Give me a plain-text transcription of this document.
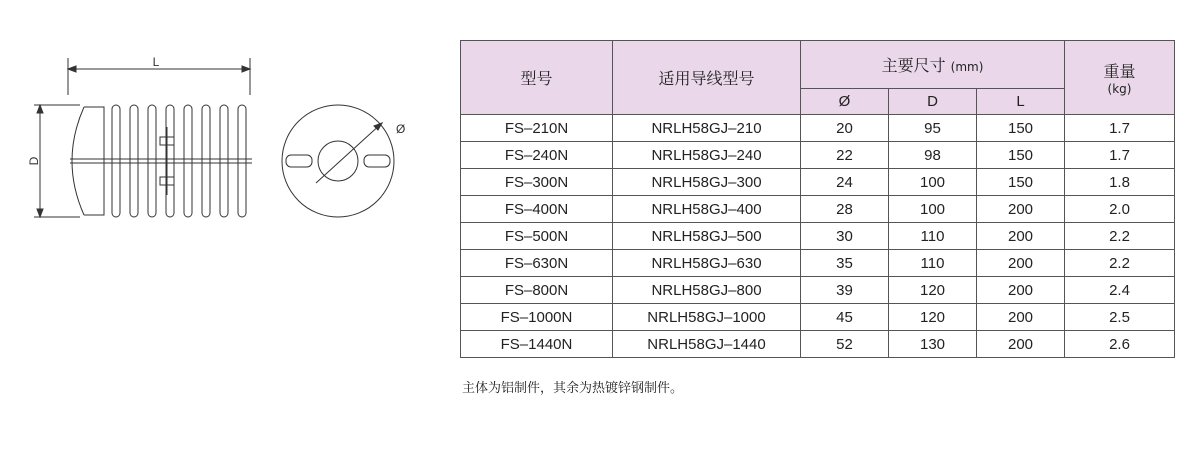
L
D
Ø
型号	适用导线型号	主要尺寸 (mm)			重量
(kg)

		Ø	D	L	
FS–210N	NRLH58GJ–210	20	95	150	1.7
FS–240N	NRLH58GJ–240	22	98	150	1.7
FS–300N	NRLH58GJ–300	24	100	150	1.8
FS–400N	NRLH58GJ–400	28	100	200	2.0
FS–500N	NRLH58GJ–500	30	110	200	2.2
FS–630N	NRLH58GJ–630	35	110	200	2.2
FS–800N	NRLH58GJ–800	39	120	200	2.4
FS–1000N	NRLH58GJ–1000	45	120	200	2.5
FS–1440N	NRLH58GJ–1440	52	130	200	2.6
主体为铝制件，其余为热镀锌钢制件。
